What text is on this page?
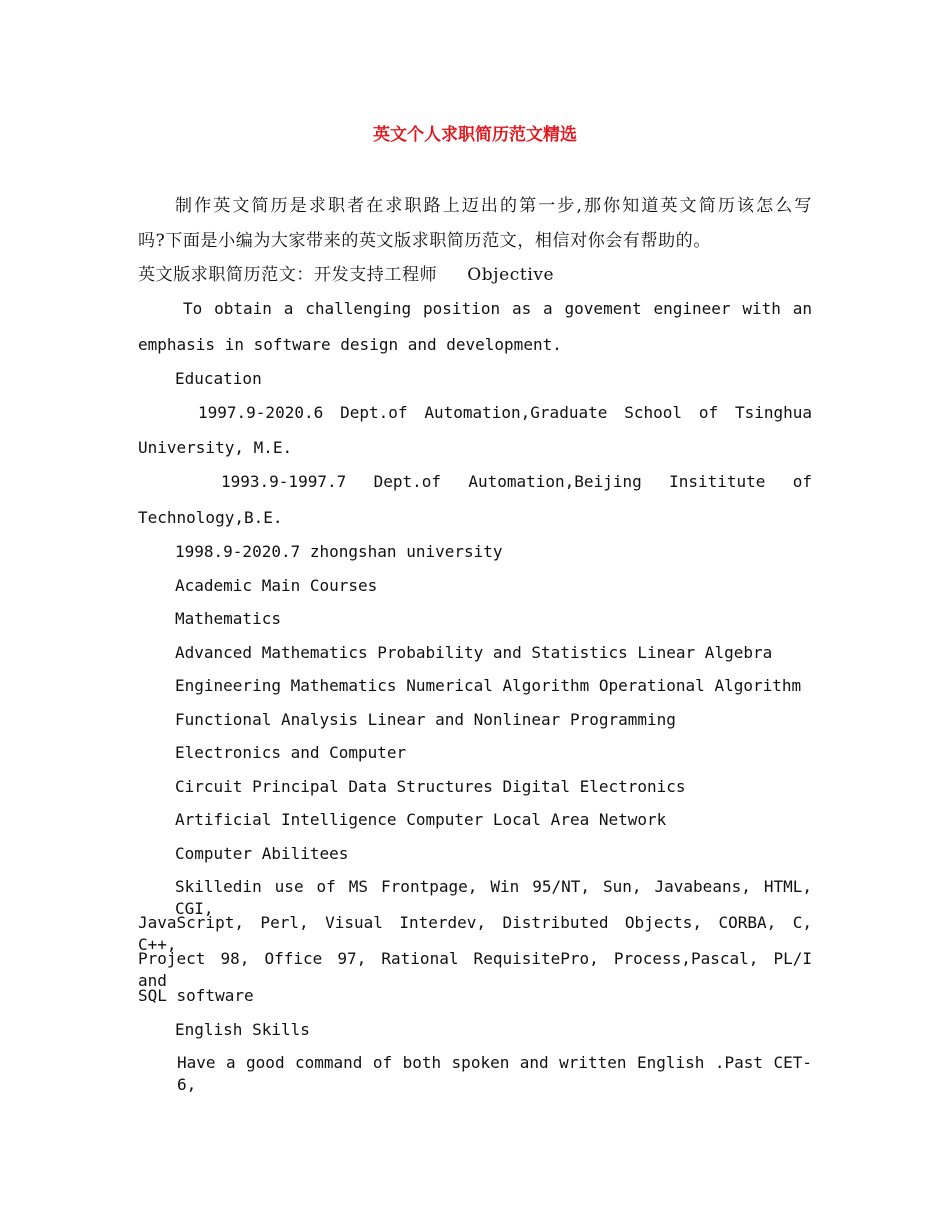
英文个人求职简历范文精选
制作英文简历是求职者在求职路上迈出的第一步,那你知道英文简历该怎么写
吗?下面是小编为大家带来的英文版求职简历范文，相信对你会有帮助的。
英文版求职简历范文：开发支持工程师     Objective
To obtain a challenging position as a govement engineer with an
emphasis in software design and development.
Education
1997.9-2020.6 Dept.of Automation,Graduate School of Tsinghua
University, M.E.
1993.9-1997.7 Dept.of Automation,Beijing Insititute of
Technology,B.E.
1998.9-2020.7 zhongshan university
Academic Main Courses
Mathematics
Advanced Mathematics Probability and Statistics Linear Algebra
Engineering Mathematics Numerical Algorithm Operational Algorithm
Functional Analysis Linear and Nonlinear Programming
Electronics and Computer
Circuit Principal Data Structures Digital Electronics
Artificial Intelligence Computer Local Area Network
Computer Abilitees
Skilledin use of MS Frontpage, Win 95/NT, Sun, Javabeans, HTML, CGI,
JavaScript, Perl, Visual Interdev, Distributed Objects, CORBA, C, C++,
Project 98, Office 97, Rational RequisitePro, Process,Pascal, PL/I and
SQL software
English Skills
Have a good command of both spoken and written English .Past CET-6,
